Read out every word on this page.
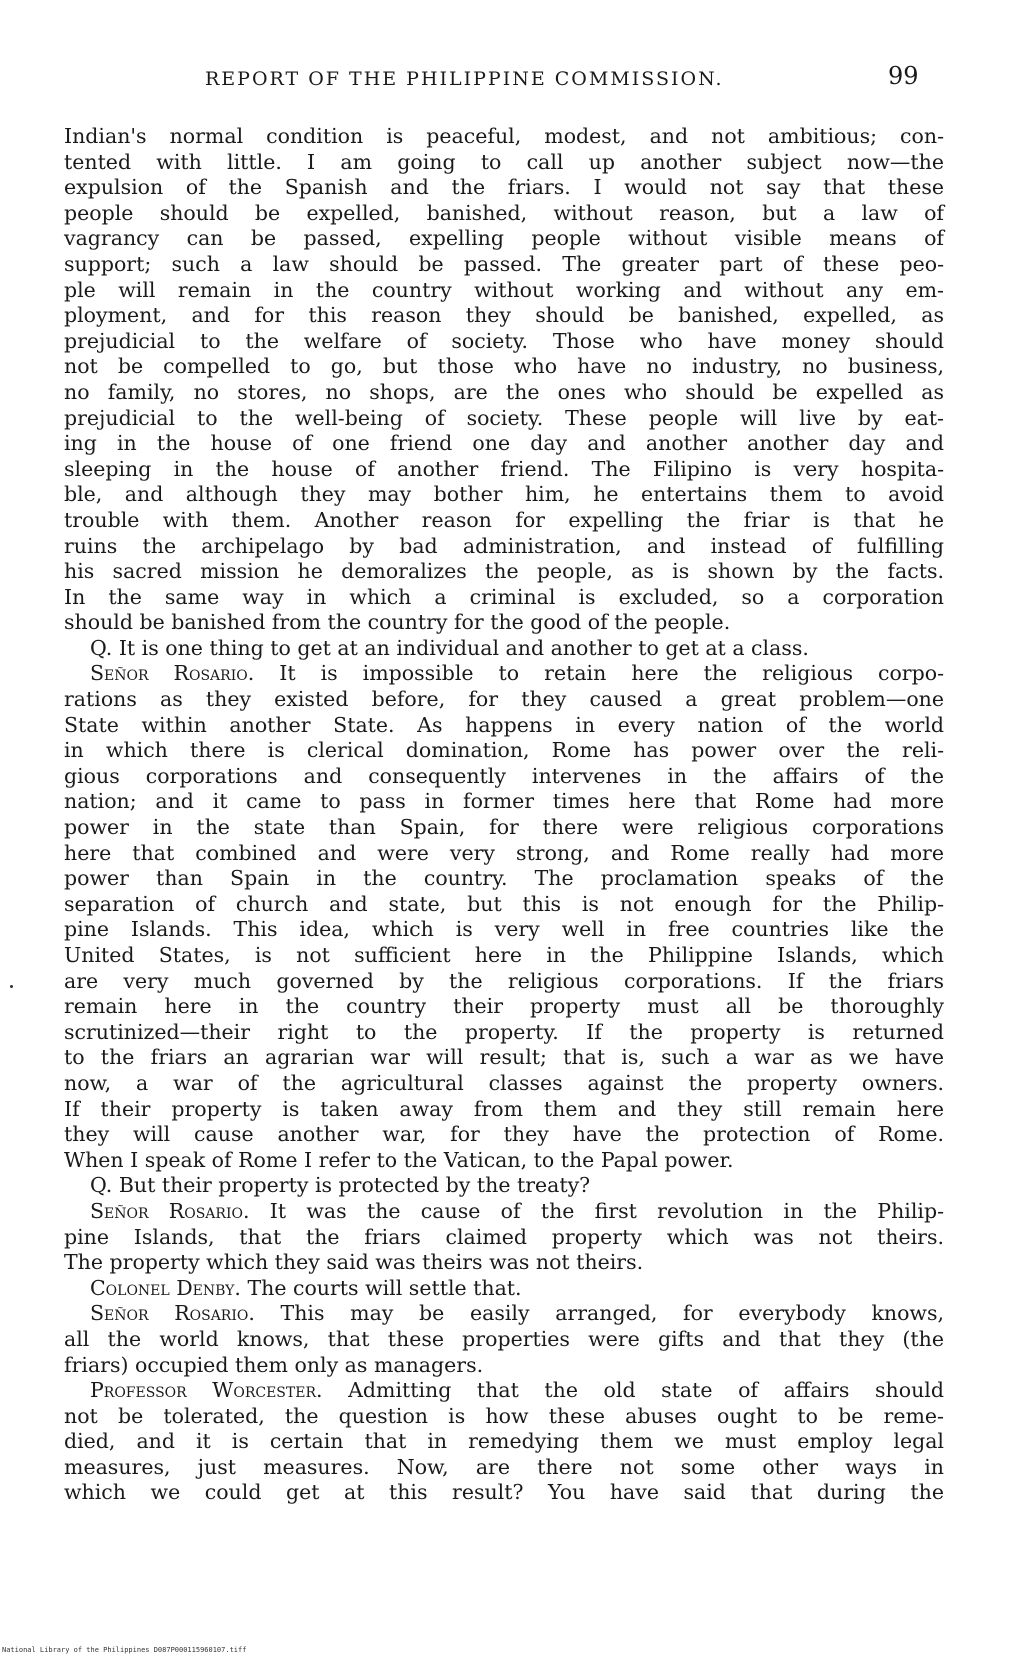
REPORT OF THE PHILIPPINE COMMISSION.	99
Indian's normal condition is peaceful, modest, and not ambitious; con-
tented with little. I am going to call up another subject now—the
expulsion of the Spanish and the friars. I would not say that these
people should be expelled, banished, without reason, but a law of
vagrancy can be passed, expelling people without visible means of
support; such a law should be passed. The greater part of these peo-
ple will remain in the country without working and without any em-
ployment, and for this reason they should be banished, expelled, as
prejudicial to the welfare of society. Those who have money should
not be compelled to go, but those who have no industry, no business,
no family, no stores, no shops, are the ones who should be expelled as
prejudicial to the well-being of society. These people will live by eat-
ing in the house of one friend one day and another another day and
sleeping in the house of another friend. The Filipino is very hospita-
ble, and although they may bother him, he entertains them to avoid
trouble with them. Another reason for expelling the friar is that he
ruins the archipelago by bad administration, and instead of fulfilling
his sacred mission he demoralizes the people, as is shown by the facts.
In the same way in which a criminal is excluded, so a corporation
should be banished from the country for the good of the people.
Q. It is one thing to get at an individual and another to get at a class.
Señor Rosario. It is impossible to retain here the religious corpo-
rations as they existed before, for they caused a great problem—one
State within another State. As happens in every nation of the world
in which there is clerical domination, Rome has power over the reli-
gious corporations and consequently intervenes in the affairs of the
nation; and it came to pass in former times here that Rome had more
power in the state than Spain, for there were religious corporations
here that combined and were very strong, and Rome really had more
power than Spain in the country. The proclamation speaks of the
separation of church and state, but this is not enough for the Philip-
pine Islands. This idea, which is very well in free countries like the
United States, is not sufficient here in the Philippine Islands, which
are very much governed by the religious corporations. If the friars
remain here in the country their property must all be thoroughly
scrutinized—their right to the property. If the property is returned
to the friars an agrarian war will result; that is, such a war as we have
now, a war of the agricultural classes against the property owners.
If their property is taken away from them and they still remain here
they will cause another war, for they have the protection of Rome.
When I speak of Rome I refer to the Vatican, to the Papal power.
Q. But their property is protected by the treaty?
Señor Rosario. It was the cause of the first revolution in the Philip-
pine Islands, that the friars claimed property which was not theirs.
The property which they said was theirs was not theirs.
Colonel Denby. The courts will settle that.
Señor Rosario. This may be easily arranged, for everybody knows,
all the world knows, that these properties were gifts and that they (the
friars) occupied them only as managers.
Professor Worcester. Admitting that the old state of affairs should
not be tolerated, the question is how these abuses ought to be reme-
died, and it is certain that in remedying them we must employ legal
measures, just measures. Now, are there not some other ways in
which we could get at this result? You have said that during the
National Library of the Philippines D087P000115960107.tiff
